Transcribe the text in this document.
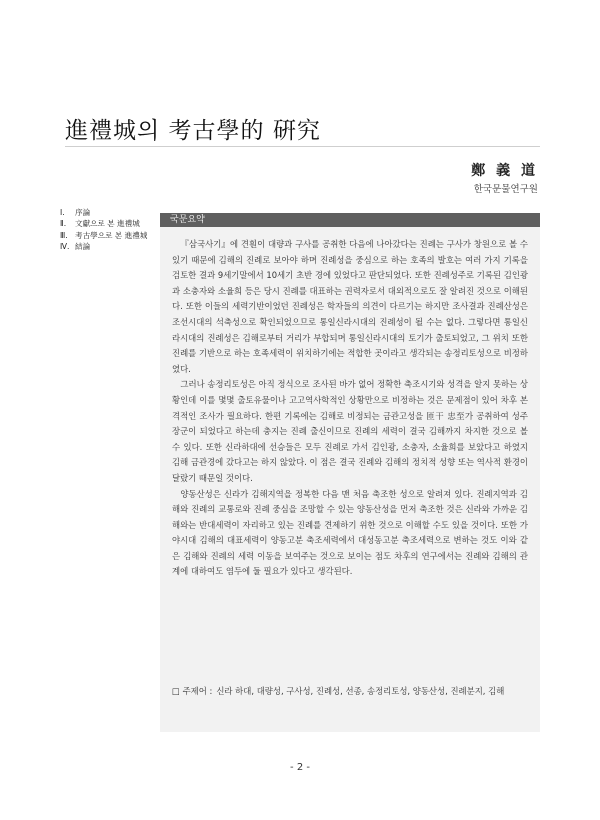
進禮城의 考古學的 硏究
鄭 義 道
한국문물연구원
Ⅰ.	序論
Ⅱ.	文獻으로 본 進禮城
Ⅲ. 考古學으로 본 進禮城
Ⅳ. 結論
국문요약

『삼국사기』에 견훤이 대량과 구사를 공취한 다음에 나아갔다는 진례는 구사가 창원으로 볼 수 있기 때문에 김해의 진례로 보아야 하며 진례성을 중심으로 하는 호족의 발호는 여러 가지 기록을 검토한 결과 9세기말에서 10세기 초반 경에 있었다고 판단되었다. 또한 진례성주로 기록된 김인광과 소충자와 소율희 등은 당시 진례를 대표하는 권력자로서 대외적으로도 잘 알려진 것으로 이해된다. 또한 이들의 세력기반이었던 진례성은 학자들의 의견이 다르기는 하지만 조사결과 진례산성은 조선시대의 석축성으로 확인되었으므로 통일신라시대의 진례성이 될 수는 없다. 그렇다면 통일신라시대의 진례성은 김해로부터 거리가 부합되며 통일신라시대의 토기가 출토되었고, 그 위치 또한 진례를 기반으로 하는 호족세력이 위치하기에는 적합한 곳이라고 생각되는 송정리토성으로 비정하였다.

그러나 송정리토성은 아직 정식으로 조사된 바가 없어 정확한 축조시기와 성격을 알지 못하는 상황인데 이를 몇몇 출토유물이나 고고역사학적인 상황만으로 비정하는 것은 문제점이 있어 차후 본격적인 조사가 필요하다. 한편 기록에는 김해로 비정되는 금관고성을 匝干 忠至가 공취하여 성주장군이 되었다고 하는데 충지는 진례 출신이므로 진례의 세력이 결국 김해까지 차지한 것으로 볼 수 있다. 또한 신라하대에 선승들은 모두 진례로 가서 김인광, 소충자, 소율희를 보았다고 하였지 김해 금관경에 갔다고는 하지 않았다. 이 점은 결국 진례와 김해의 정치적 성향 또는 역사적 환경이 달랐기 때문일 것이다.

양동산성은 신라가 김해지역을 정복한 다음 맨 처음 축조한 성으로 알려져 있다. 진례지역과 김해와 진례의 교통로와 진례 중심을 조망할 수 있는 양동산성을 먼저 축조한 것은 신라와 가까운 김해와는 반대세력이 자리하고 있는 진례를 견제하기 위한 것으로 이해할 수도 있을 것이다. 또한 가야시대 김해의 대표세력이 양동고분 축조세력에서 대성동고분 축조세력으로 변하는 것도 이와 같은 김해와 진례의 세력 이동을 보여주는 것으로 보이는 점도 차후의 연구에서는 진례와 김해의 관계에 대하여도 염두에 둘 필요가 있다고 생각된다.

□ 주제어 : 신라 하대, 대량성, 구사성, 진례성, 선종, 송정리토성, 양동산성, 진례분지, 김해
- 2 -
